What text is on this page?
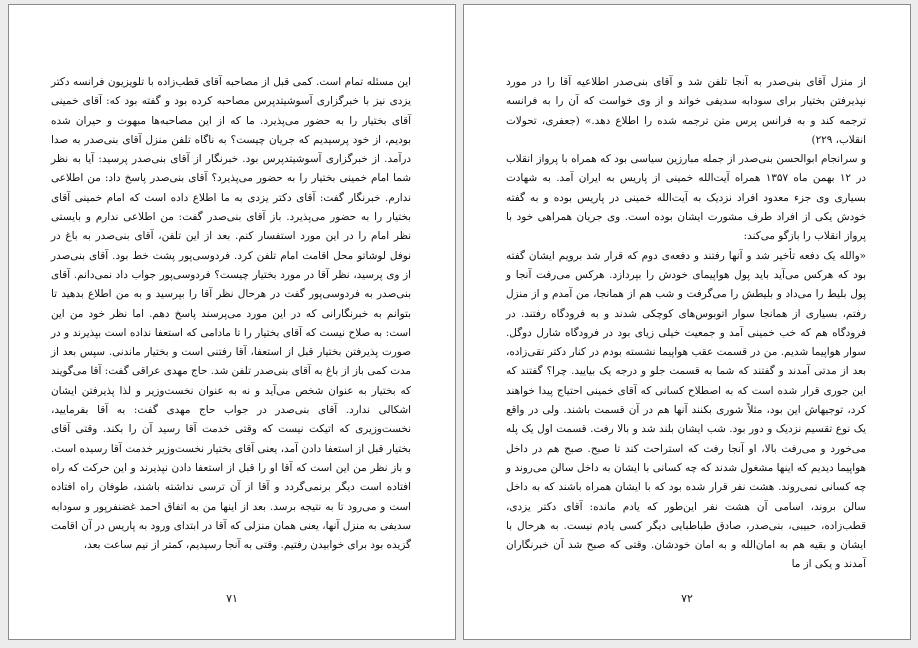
این مسئله تمام است. کمی قبل از مصاحبه آقای قطب‌زاده با تلویزیون فرانسه دکتر یزدی نیز با خبرگزاری آسوشیتدپرس مصاحبه کرده بود و گفته بود که: آقای خمینی آقای بختیار را به حضور می‌پذیرد. ما که از این مصاحبه‌ها مبهوت و حیران شده بودیم، از خود پرسیدیم که جریان چیست؟ به ناگاه تلفن منزل آقای بنی‌صدر به صدا درآمد. از خبرگزاری آسوشیتدپرس بود. خبرنگار از آقای بنی‌صدر پرسید: آیا به نظر شما امام خمینی بختیار را به حضور می‌پذیرد؟ آقای بنی‌صدر پاسخ داد: من اطلاعی ندارم. خبرنگار گفت: آقای دکتر یزدی به ما اطلاع داده است که امام خمینی آقای بختیار را به حضور می‌پذیرد. باز آقای بنی‌صدر گفت: من اطلاعی ندارم و بایستی نظر امام را در این مورد استفسار کنم. بعد از این تلفن، آقای بنی‌صدر به باغ در نوفل لوشاتو محل اقامت امام تلفن کرد. فردوسی‌پور پشت خط بود. آقای بنی‌صدر از وی پرسید، نظر آقا در مورد بختیار چیست؟ فردوسی‌پور جواب داد نمی‌دانم. آقای بنی‌صدر به فردوسی‌پور گفت در هرحال نظر آقا را بپرسید و به من اطلاع بدهید تا بتوانم به خبرنگارانی که در این مورد می‌پرسند پاسخ دهم. اما نظر خود من این است: به صلاح نیست که آقای بختیار را تا مادامی که استعفا نداده است بپذیرند و در صورت پذیرفتن بختیار قبل از استعفا، آقا رفتنی است و بختیار ماندنی. سپس بعد از مدت کمی باز از باغ به آقای بنی‌صدر تلفن شد. حاج مهدی عراقی گفت: آقا می‌گویند که بختیار به عنوان شخص می‌آید و نه به عنوان نخست‌وزیر و لذا پذیرفتن ایشان اشکالی ندارد. آقای بنی‌صدر در جواب حاج مهدی گفت: به آقا بفرمایید، نخست‌وزیری که اتیکت نیست که وقتی خدمت آقا رسید آن را بکند. وقتی آقای بختیار قبل از استعفا دادن آمد، یعنی آقای بختیار نخست‌وزیر خدمت آقا رسیده است. و باز نظر من این است که آقا او را قبل از استعفا دادن نپذیرند و این حرکت که راه افتاده است دیگر برنمی‌گردد و آقا از آن ترسی نداشته باشند، طوفان راه افتاده است و می‌رود تا به نتیجه برسد. بعد از اینها من به اتفاق احمد غضنفرپور و سودابه سدیفی به منزل آنها، یعنی همان منزلی که آقا در ابتدای ورود به پاریس در آن اقامت گزیده بود برای خوابیدن رفتیم. وقتی به آنجا رسیدیم، کمتر از نیم ساعت بعد،

۷۱

از منزل آقای بنی‌صدر به آنجا تلفن شد و آقای بنی‌صدر اطلاعیه آقا را در مورد نپذیرفتن بختیار برای سودابه سدیفی خواند و از وی خواست که آن را به فرانسه ترجمه کند و به فرانس پرس متن ترجمه شده را اطلاع دهد.» (جعفری، تحولات انقلاب، ۲۲۹)

و سرانجام ابوالحسن بنی‌صدر از جمله مبارزین سیاسی بود که همراه با پرواز انقلاب در ۱۲ بهمن ماه ۱۳۵۷ همراه آیت‌الله خمینی از پاریس به ایران آمد. به شهادت بسیاری وی جزء معدود افراد نزدیک به آیت‌الله خمینی در پاریس بوده و به گفته خودش یکی از افراد طرف مشورت ایشان بوده است. وی جریان همراهی خود با پرواز انقلاب را بازگو می‌کند:

«والله یک دفعه تأخیر شد و آنها رفتند و دفعه‌ی دوم که قرار شد برویم ایشان گفته بود که هرکس می‌آید باید پول هواپیمای خودش را بپردازد. هرکس می‌رفت آنجا و پول بلیط را می‌داد و بلیطش را می‌گرفت و شب هم از همانجا، من آمدم و از منزل رفتم، بسیاری از همانجا سوار اتوبوس‌های کوچکی شدند و به فرودگاه رفتند. در فرودگاه هم که خب خمینی آمد و جمعیت خیلی زیای بود در فرودگاه شارل دوگل. سوار هواپیما شدیم. من در قسمت عقب هواپیما نشسته بودم در کنار دکتر تقی‌زاده، بعد از مدتی آمدند و گفتند که شما به قسمت جلو و درجه یک بیایید. چرا؟ گفتند که این جوری قرار شده است که به اصطلاح کسانی که آقای خمینی احتیاج پیدا خواهند کرد، توجیهاش این بود، مثلاً شوری بکنند آنها هم در آن قسمت باشند. ولی در واقع یک نوع تقسیم نزدیک و دور بود. شب ایشان بلند شد و بالا رفت. قسمت اول یک پله می‌خورد و می‌رفت بالا، او آنجا رفت که استراحت کند تا صبح. صبح هم در داخل هواپیما دیدیم که اینها مشغول شدند که چه کسانی با ایشان به داخل سالن می‌روند و چه کسانی نمی‌روند. هشت نفر قرار شده بود که با ایشان همراه باشند که به داخل سالن بروند، اسامی آن هشت نفر این‌طور که یادم مانده: آقای دکتر یزدی، قطب‌زاده، حبیبی، بنی‌صدر، صادق طباطبایی دیگر کسی یادم نیست. به هرحال با ایشان و بقیه هم به امان‌الله و به امان خودشان. وقتی که صبح شد آن خبرنگاران آمدند و یکی از ما

۷۲
